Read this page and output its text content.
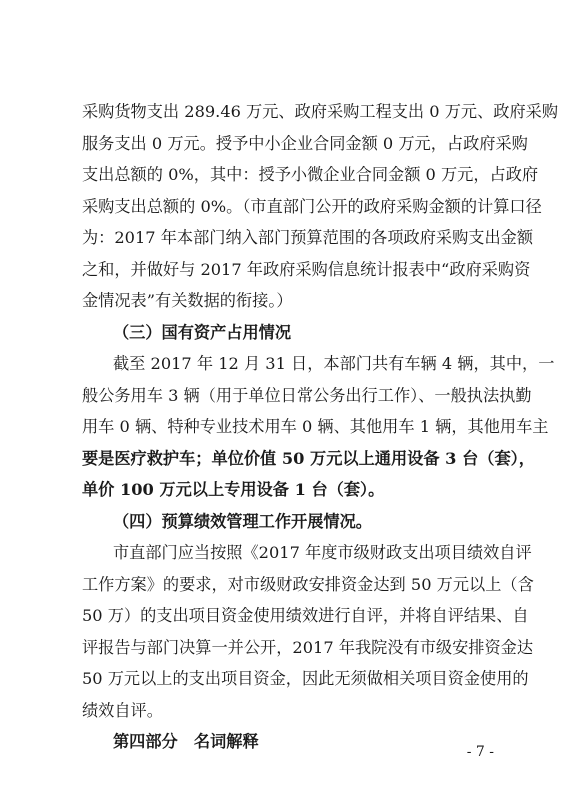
采购货物支出 289.46 万元、政府采购工程支出 0 万元、政府采购
服务支出 0 万元。授予中小企业合同金额 0 万元，占政府采购
支出总额的 0%，其中：授予小微企业合同金额 0 万元，占政府
采购支出总额的 0%。（市直部门公开的政府采购金额的计算口径
为：2017 年本部门纳入部门预算范围的各项政府采购支出金额
之和，并做好与 2017 年政府采购信息统计报表中“政府采购资
金情况表”有关数据的衔接。）
（三）国有资产占用情况
截至 2017 年 12 月 31 日，本部门共有车辆 4 辆，其中，一
般公务用车 3 辆（用于单位日常公务出行工作）、一般执法执勤
用车 0 辆、特种专业技术用车 0 辆、其他用车 1 辆，其他用车主
要是医疗救护车；单位价值 50 万元以上通用设备 3 台（套），
单价 100 万元以上专用设备 1 台（套）。
（四）预算绩效管理工作开展情况。
市直部门应当按照《2017 年度市级财政支出项目绩效自评
工作方案》的要求，对市级财政安排资金达到 50 万元以上（含
50 万）的支出项目资金使用绩效进行自评，并将自评结果、自
评报告与部门决算一并公开，2017 年我院没有市级安排资金达
50 万元以上的支出项目资金，因此无须做相关项目资金使用的
绩效自评。
第四部分　名词解释
- 7 -
